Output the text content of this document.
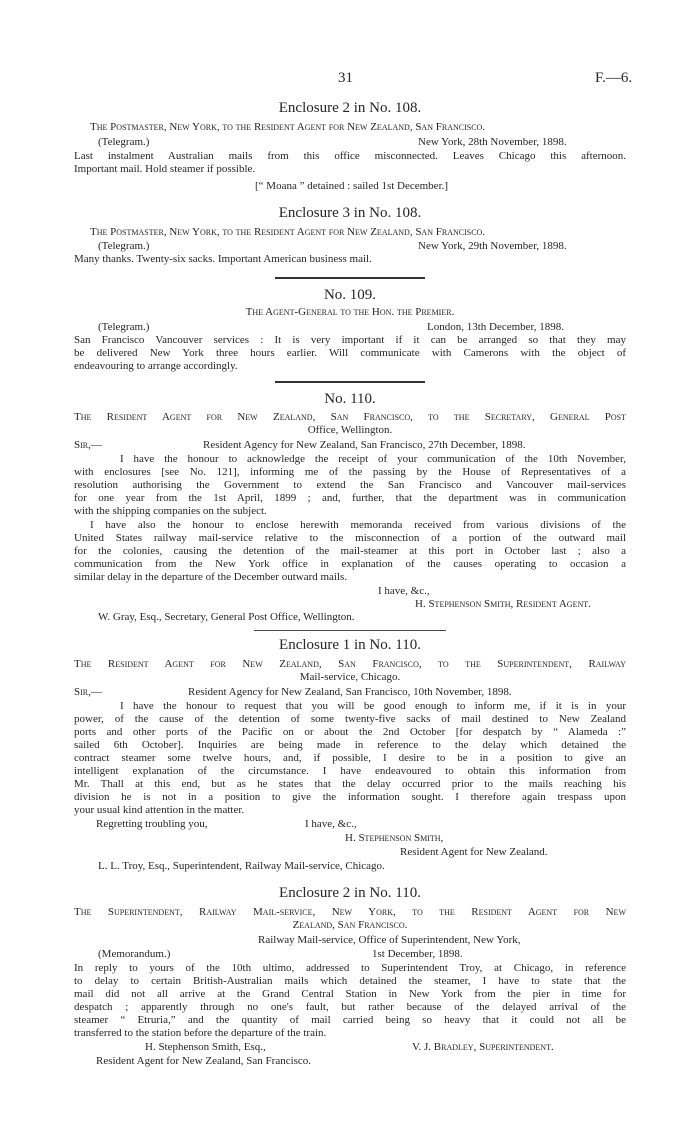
31	F.—6.
Enclosure 2 in No. 108.
The Postmaster, New York, to the Resident Agent for New Zealand, San Francisco.
(Telegram.)	New York, 28th November, 1898.
Last instalment Australian mails from this office misconnected. Leaves Chicago this afternoon.
Important mail. Hold steamer if possible.
[“ Moana ” detained : sailed 1st December.]
Enclosure 3 in No. 108.
The Postmaster, New York, to the Resident Agent for New Zealand, San Francisco.
(Telegram.)	New York, 29th November, 1898.
Many thanks. Twenty-six sacks. Important American business mail.
No. 109.
The Agent-General to the Hon. the Premier.
(Telegram.)	London, 13th December, 1898.
San Francisco Vancouver services : It is very important if it can be arranged so that they may
be delivered New York three hours earlier. Will communicate with Camerons with the object of
endeavouring to arrange accordingly.
No. 110.
The Resident Agent for New Zealand, San Francisco, to the Secretary, General Post
Office, Wellington.
Sir,—	Resident Agency for New Zealand, San Francisco, 27th December, 1898.
I have the honour to acknowledge the receipt of your communication of the 10th November,
with enclosures [see No. 121], informing me of the passing by the House of Representatives of a
resolution authorising the Government to extend the San Francisco and Vancouver mail-services
for one year from the 1st April, 1899 ; and, further, that the department was in communication
with the shipping companies on the subject.
I have also the honour to enclose herewith memoranda received from various divisions of the
United States railway mail-service relative to the misconnection of a portion of the outward mail
for the colonies, causing the detention of the mail-steamer at this port in October last ; also a
communication from the New York office in explanation of the causes operating to occasion a
similar delay in the departure of the December outward mails.
I have, &c.,
H. Stephenson Smith, Resident Agent.
W. Gray, Esq., Secretary, General Post Office, Wellington.
Enclosure 1 in No. 110.
The Resident Agent for New Zealand, San Francisco, to the Superintendent, Railway
Mail-service, Chicago.
Sir,—	Resident Agency for New Zealand, San Francisco, 10th November, 1898.
I have the honour to request that you will be good enough to inform me, if it is in your
power, of the cause of the detention of some twenty-five sacks of mail destined to New Zealand
ports and other ports of the Pacific on or about the 2nd October [for despatch by “ Alameda :”
sailed 6th October]. Inquiries are being made in reference to the delay which detained the
contract steamer some twelve hours, and, if possible, I desire to be in a position to give an
intelligent explanation of the circumstance. I have endeavoured to obtain this information from
Mr. Thall at this end, but as he states that the delay occurred prior to the mails reaching his
division he is not in a position to give the information sought. I therefore again trespass upon
your usual kind attention in the matter.
Regretting troubling you,	I have, &c.,
H. Stephenson Smith,
Resident Agent for New Zealand.
L. L. Troy, Esq., Superintendent, Railway Mail-service, Chicago.
Enclosure 2 in No. 110.
The Superintendent, Railway Mail-service, New York, to the Resident Agent for New
Zealand, San Francisco.
Railway Mail-service, Office of Superintendent, New York,
(Memorandum.)	1st December, 1898.
In reply to yours of the 10th ultimo, addressed to Superintendent Troy, at Chicago, in reference
to delay to certain British-Australian mails which detained the steamer, I have to state that the
mail did not all arrive at the Grand Central Station in New York from the pier in time for
despatch ; apparently through no one's fault, but rather because of the delayed arrival of the
steamer “ Etruria,” and the quantity of mail carried being so heavy that it could not all be
transferred to the station before the departure of the train.
H. Stephenson Smith, Esq.,
Resident Agent for New Zealand, San Francisco.
V. J. Bradley, Superintendent.
